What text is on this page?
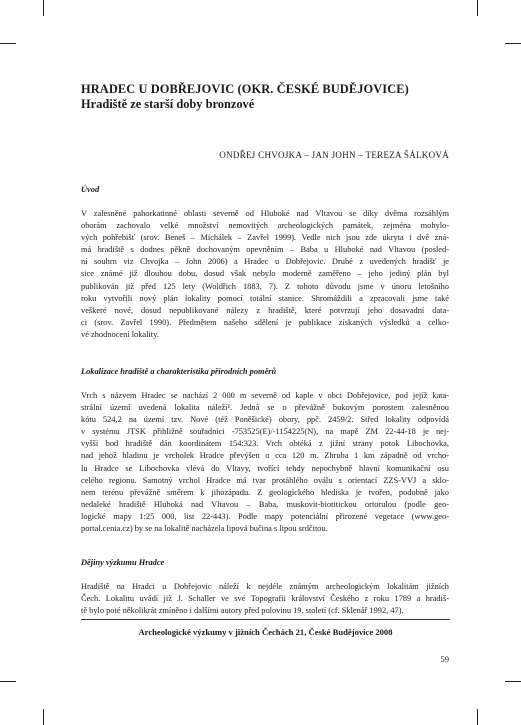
HRADEC U DOBŘEJOVIC (OKR. ČESKÉ BUDĚJOVICE)
Hradiště ze starší doby bronzové
ONDŘEJ CHVOJKA – JAN JOHN – TEREZA ŠÁLKOVÁ
Úvod

V zalesněné pahorkatinné oblasti severně od Hluboké nad Vltavou se díky dvěma rozsáhlým
oborám zachovalo velké množství nemovitých archeologických památek, zejména mohylo-
vých pohřebišť (srov. Beneš – Michálek – Zavřel 1999). Vedle nich jsou zde ukryta i dvě zná-
má hradiště s dodnes pěkně dochovaným opevněním – Baba u Hluboké nad Vltavou (posled-
ní souhrn viz Chvojka – John 2006) a Hradec u Dobřejovic. Druhé z uvedených hradišť je
sice známé již dlouhou dobu, dosud však nebylo moderně zaměřeno – jeho jediný plán byl
publikován již před 125 lety (Woldřich 1883, 7). Z tohoto důvodu jsme v únoru letošního
roku vytvořili nový plán lokality pomocí totální stanice. Shromáždili a zpracovali jsme také
veškeré nové, dosud nepublikované nálezy z hradiště, které potvrzují jeho dosavadní data-
ci (srov. Zavřel 1990). Předmětem našeho sdělení je publikace získaných výsledků a celko-
vé zhodnocení lokality.

Lokalizace hradiště a charakteristika přírodních poměrů

Vrch s názvem Hradec se nachází 2 000 m severně od kaple v obci Dobřejovice, pod jejíž kata-
strální území uvedená lokalita náleží¹. Jedná se o převážně bukovým porostem zalesněnou
kótu 524,2 na území tzv. Nové (též Poněšické) obory, ppč. 2459/2. Střed lokality odpovídá
v systému JTSK přibližně souřadnici -753525(E)/-1154225(N), na mapě ZM 22-44-18 je nej-
vyšší bod hradiště dán koordinátem 154:323. Vrch obtéká z jižní strany potok Libochovka,
nad jehož hladinu je vrcholek Hradce převýšen o cca 120 m. Zhruba 1 km západně od vrcho-
lu Hradce se Libochovka vlévá do Vltavy, tvořící tehdy nepochybně hlavní komunikační osu
celého regionu. Samotný vrchol Hradce má tvar protáhlého oválu s orientací ZZS-VVJ a sklo-
nem terénu převážně směrem k jihozápadu. Z geologického hlediska je tvořen, podobně jako
nedaleké hradiště Hluboká nad Vltavou – Baba, muskovit-biotitickou ortorulou (podle geo-
logické mapy 1:25 000, list 22-443). Podle mapy potenciální přirozené vegetace (www.geo-
portal.cenia.cz) by se na lokalitě nacházela lipová bučina s lipou srdčitou.

Dějiny výzkumu Hradce

Hradiště na Hradci u Dobřejovic náleží k nejdéle známým archeologickým lokalitám jižních
Čech. Lokalitu uvádí již J. Schaller ve své Topografii království Českého z roku 1789 a hradiš-
tě bylo poté několikrát zmíněno i dalšími autory před polovinu 19. století (cf. Sklenář 1992, 47).

Archeologické výzkumy v jižních Čechách 21, České Budějovice 2008
59
